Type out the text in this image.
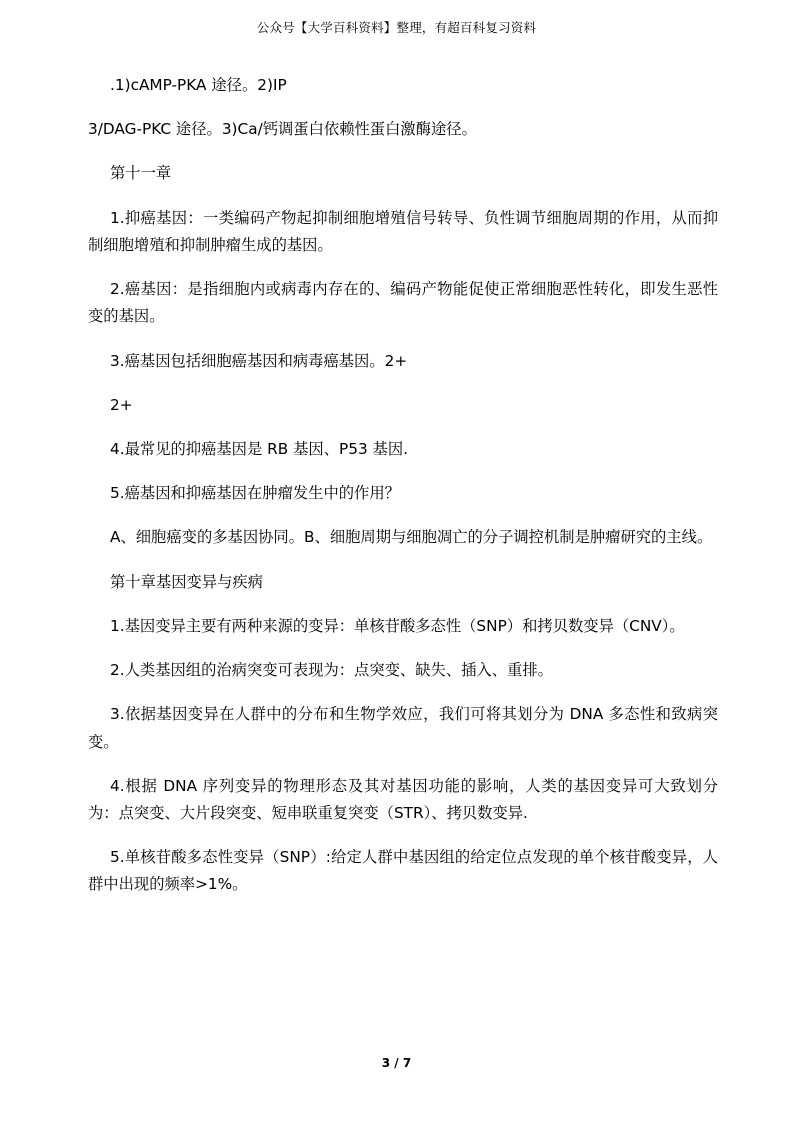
公众号【大学百科资料】整理，有超百科复习资料

.1)cAMP-PKA 途径。2)IP

3/DAG-PKC 途径。3)Ca/钙调蛋白依赖性蛋白激酶途径。

第十一章

1.抑癌基因：一类编码产物起抑制细胞增殖信号转导、负性调节细胞周期的作用，从而抑制细胞增殖和抑制肿瘤生成的基因。

2.癌基因：是指细胞内或病毒内存在的、编码产物能促使正常细胞恶性转化，即发生恶性变的基因。

3.癌基因包括细胞癌基因和病毒癌基因。2+

2+

4.最常见的抑癌基因是 RB 基因、P53 基因.

5.癌基因和抑癌基因在肿瘤发生中的作用？

A、细胞癌变的多基因协同。B、细胞周期与细胞凋亡的分子调控机制是肿瘤研究的主线。

第十章基因变异与疾病

1.基因变异主要有两种来源的变异：单核苷酸多态性（SNP）和拷贝数变异（CNV）。

2.人类基因组的治病突变可表现为：点突变、缺失、插入、重排。

3.依据基因变异在人群中的分布和生物学效应，我们可将其划分为 DNA 多态性和致病突变。

4.根据 DNA 序列变异的物理形态及其对基因功能的影响，人类的基因变异可大致划分为：点突变、大片段突变、短串联重复突变（STR）、拷贝数变异.

5.单核苷酸多态性变异（SNP）:给定人群中基因组的给定位点发现的单个核苷酸变异，人群中出现的频率>1%。

3 / 7
